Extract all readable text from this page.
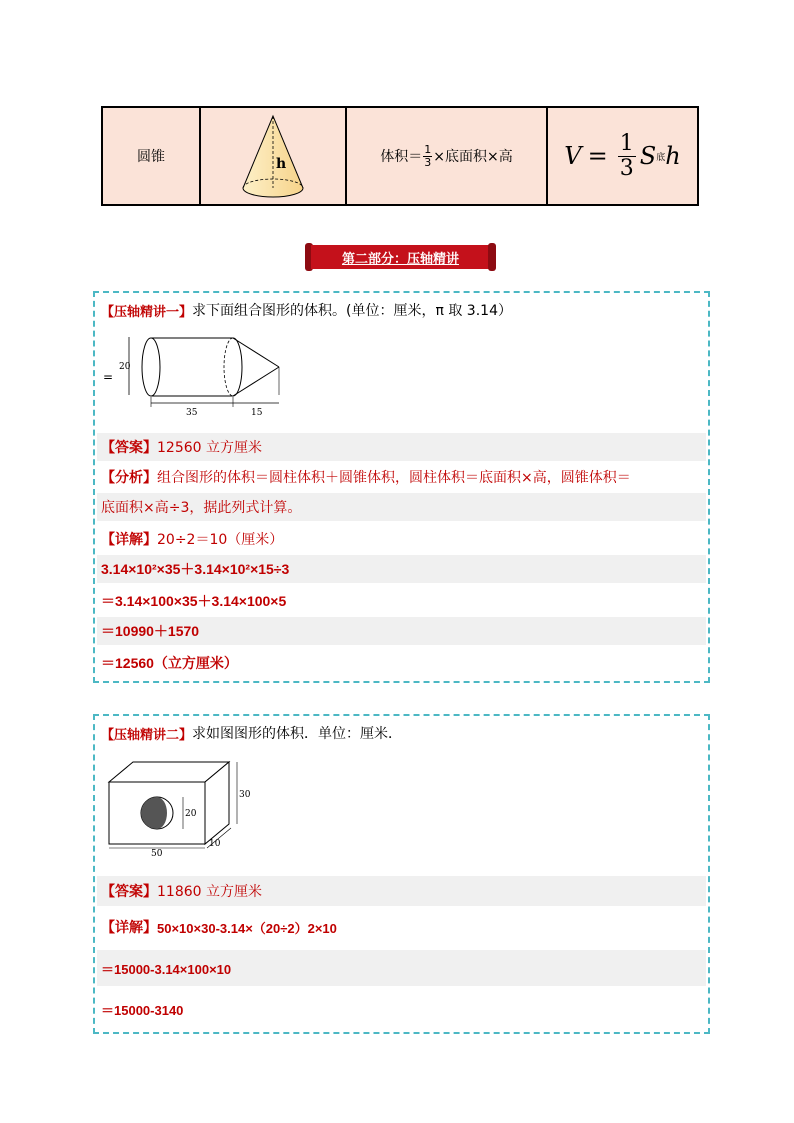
圆锥	h	体积＝ $\frac{1}{3}$ ×底面积×高 $V = \frac{1}{3}$ S 底 h
第二部分：压轴精讲
【压轴精讲一】 求下面组合图形的体积。(单位：厘米，π 取 3.14）
=
20
35	15
【答案】 12560 立方厘米
【分析】 组合图形的体积＝圆柱体积＋圆锥体积，圆柱体积＝底面积×高，圆锥体积＝
底面积×高÷3，据此列式计算。
【详解】 20÷2＝10（厘米）
3.14×10²×35＋3.14×10²×15÷3
＝3.14×100×35＋3.14×100×5
＝10990＋1570
＝12560（立方厘米）
【压轴精讲二】 求如图图形的体积．单位：厘米．
20
30
50
10
【答案】 11860 立方厘米
【详解】 50×10×30-3.14×（20÷2）2×10
＝15000-3.14×100×10
＝15000-3140
